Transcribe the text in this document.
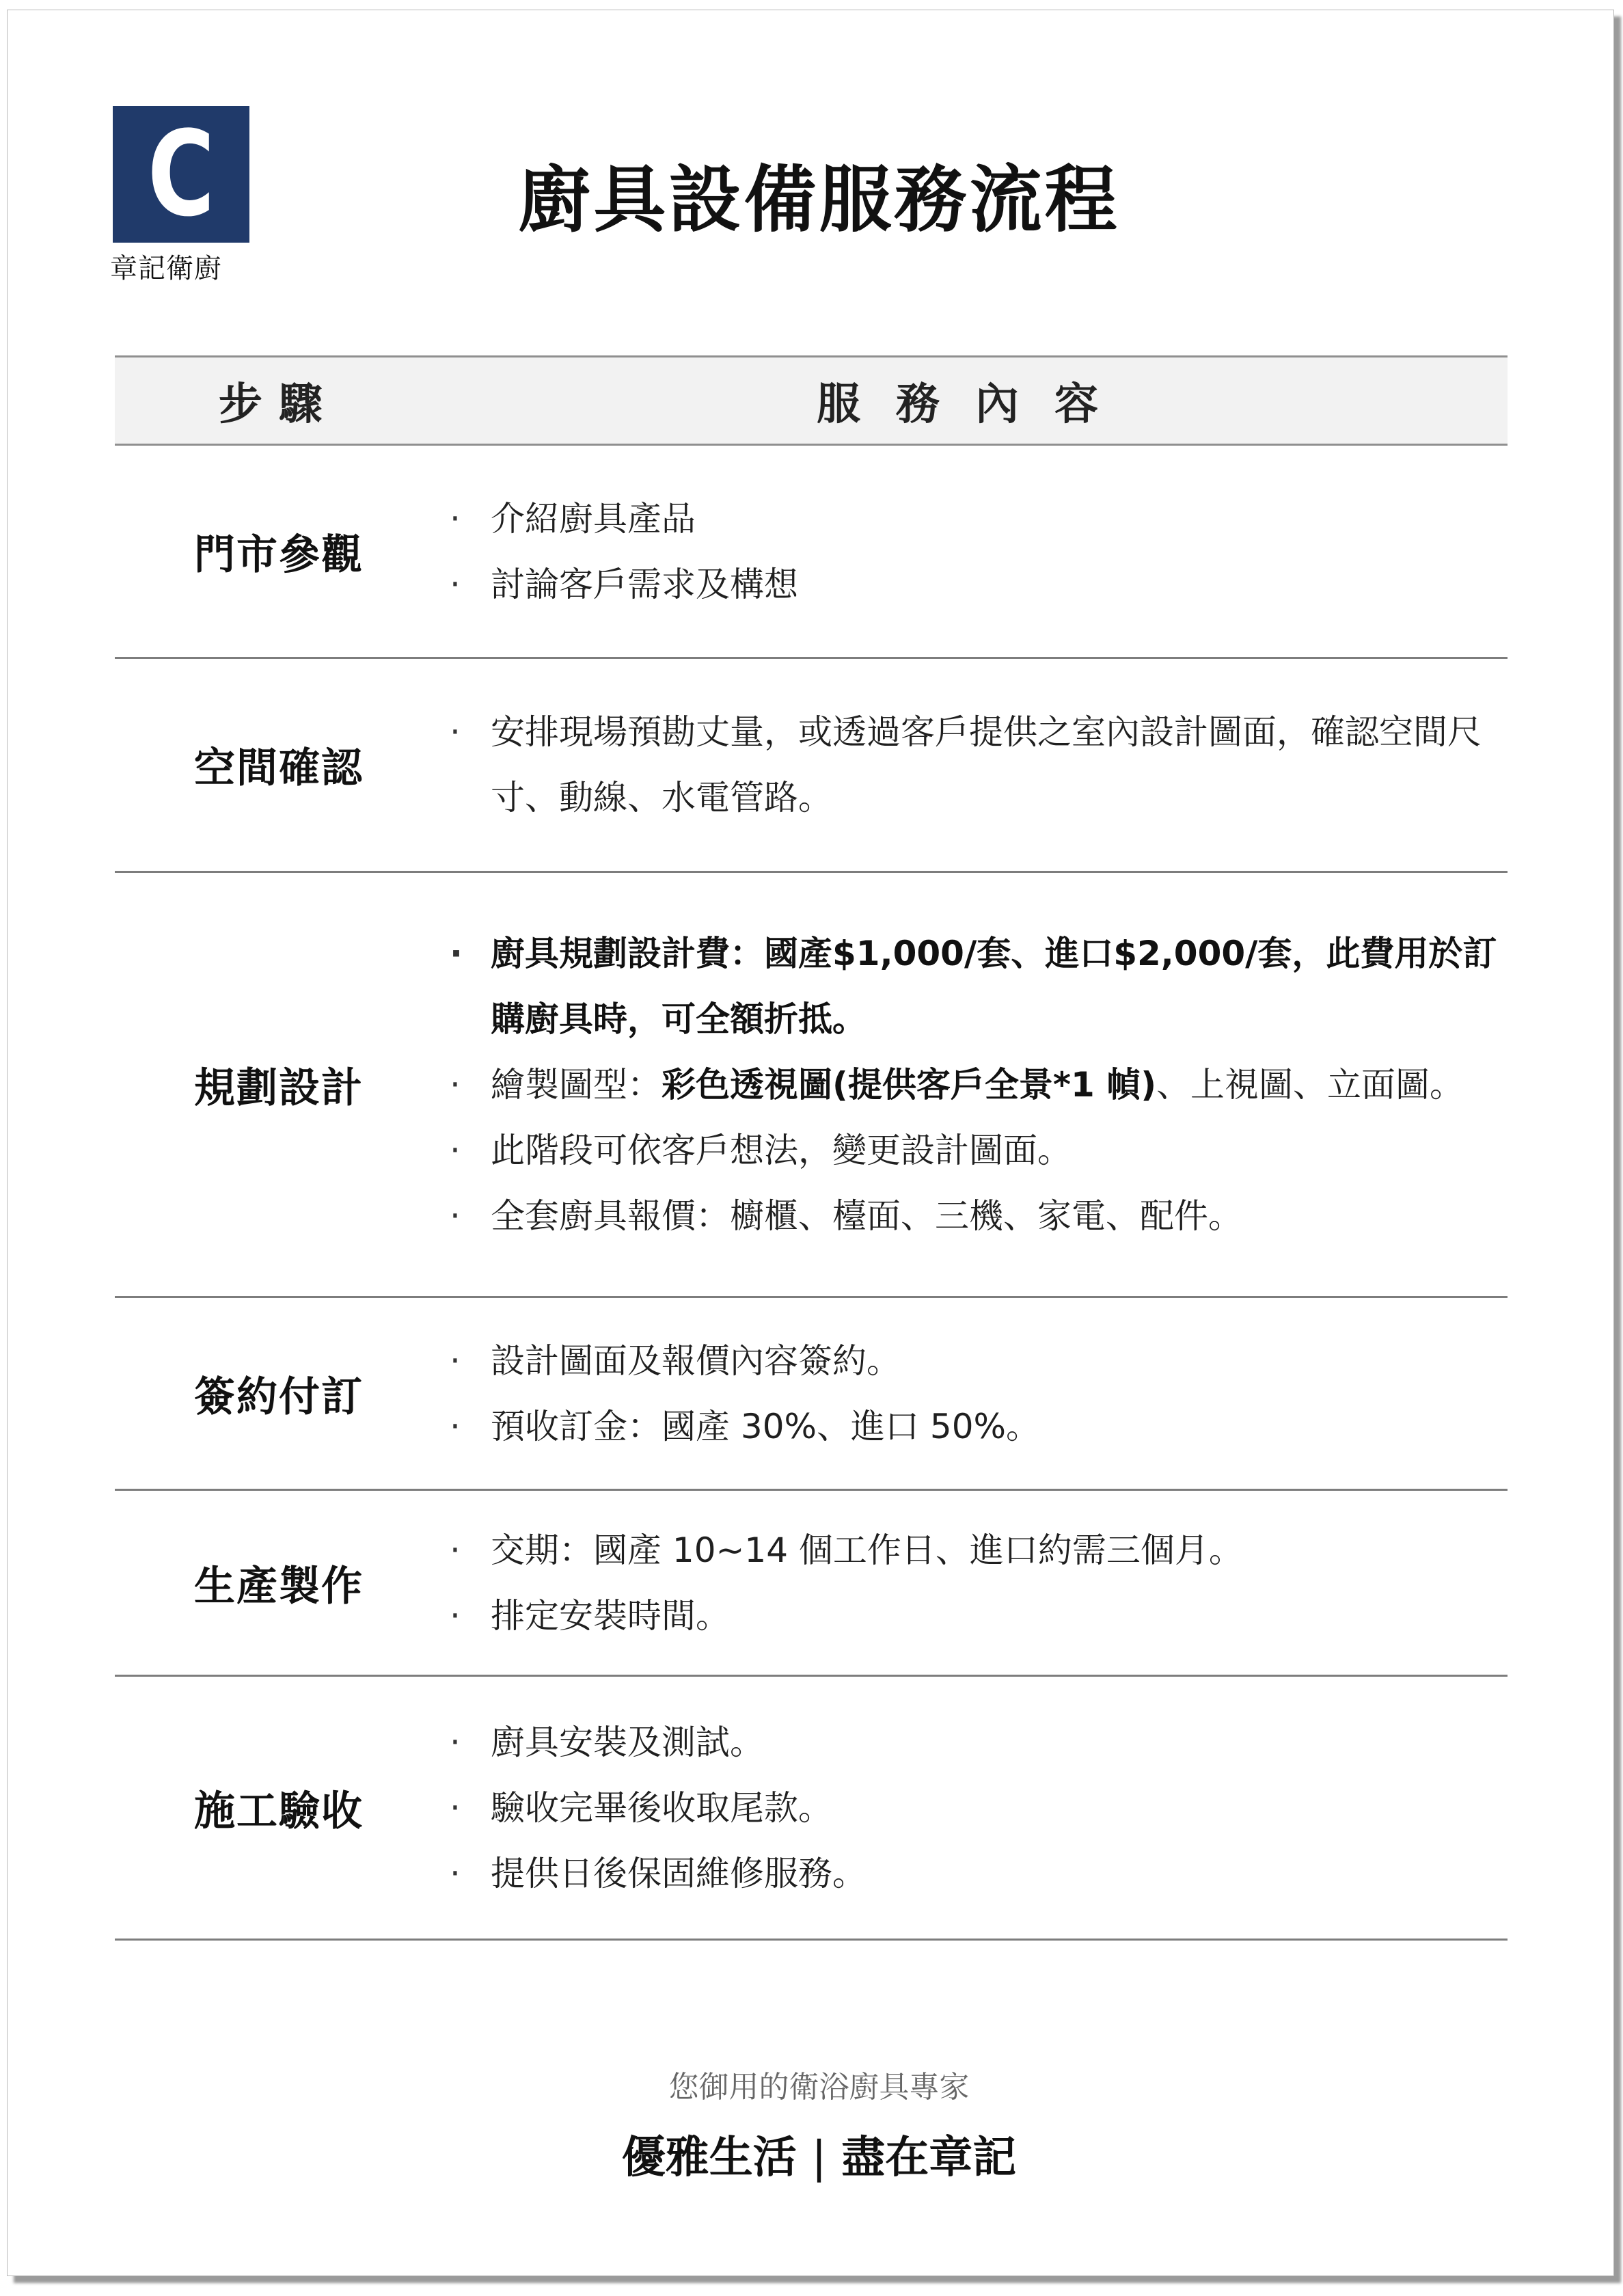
C
章記衛廚
廚具設備服務流程
步驟	服務內容
門市參觀
· 介紹廚具產品
· 討論客戶需求及構想
空間確認
· 安排現場預勘丈量，或透過客戶提供之室內設計圖面，確認空間尺寸、動線、水電管路。
規劃設計
· 廚具規劃設計費：國產$1,000/套、進口$2,000/套，此費用於訂購廚具時，可全額折抵。
· 繪製圖型：彩色透視圖(提供客戶全景*1 幀)、上視圖、立面圖。
· 此階段可依客戶想法，變更設計圖面。
· 全套廚具報價：櫥櫃、檯面、三機、家電、配件。
簽約付訂
· 設計圖面及報價內容簽約。
· 預收訂金：國產 30%、進口 50%。
生產製作
· 交期：國產 10~14 個工作日、進口約需三個月。
· 排定安裝時間。
施工驗收
· 廚具安裝及測試。
· 驗收完畢後收取尾款。
· 提供日後保固維修服務。
您御用的衛浴廚具專家
優雅生活 | 盡在章記
